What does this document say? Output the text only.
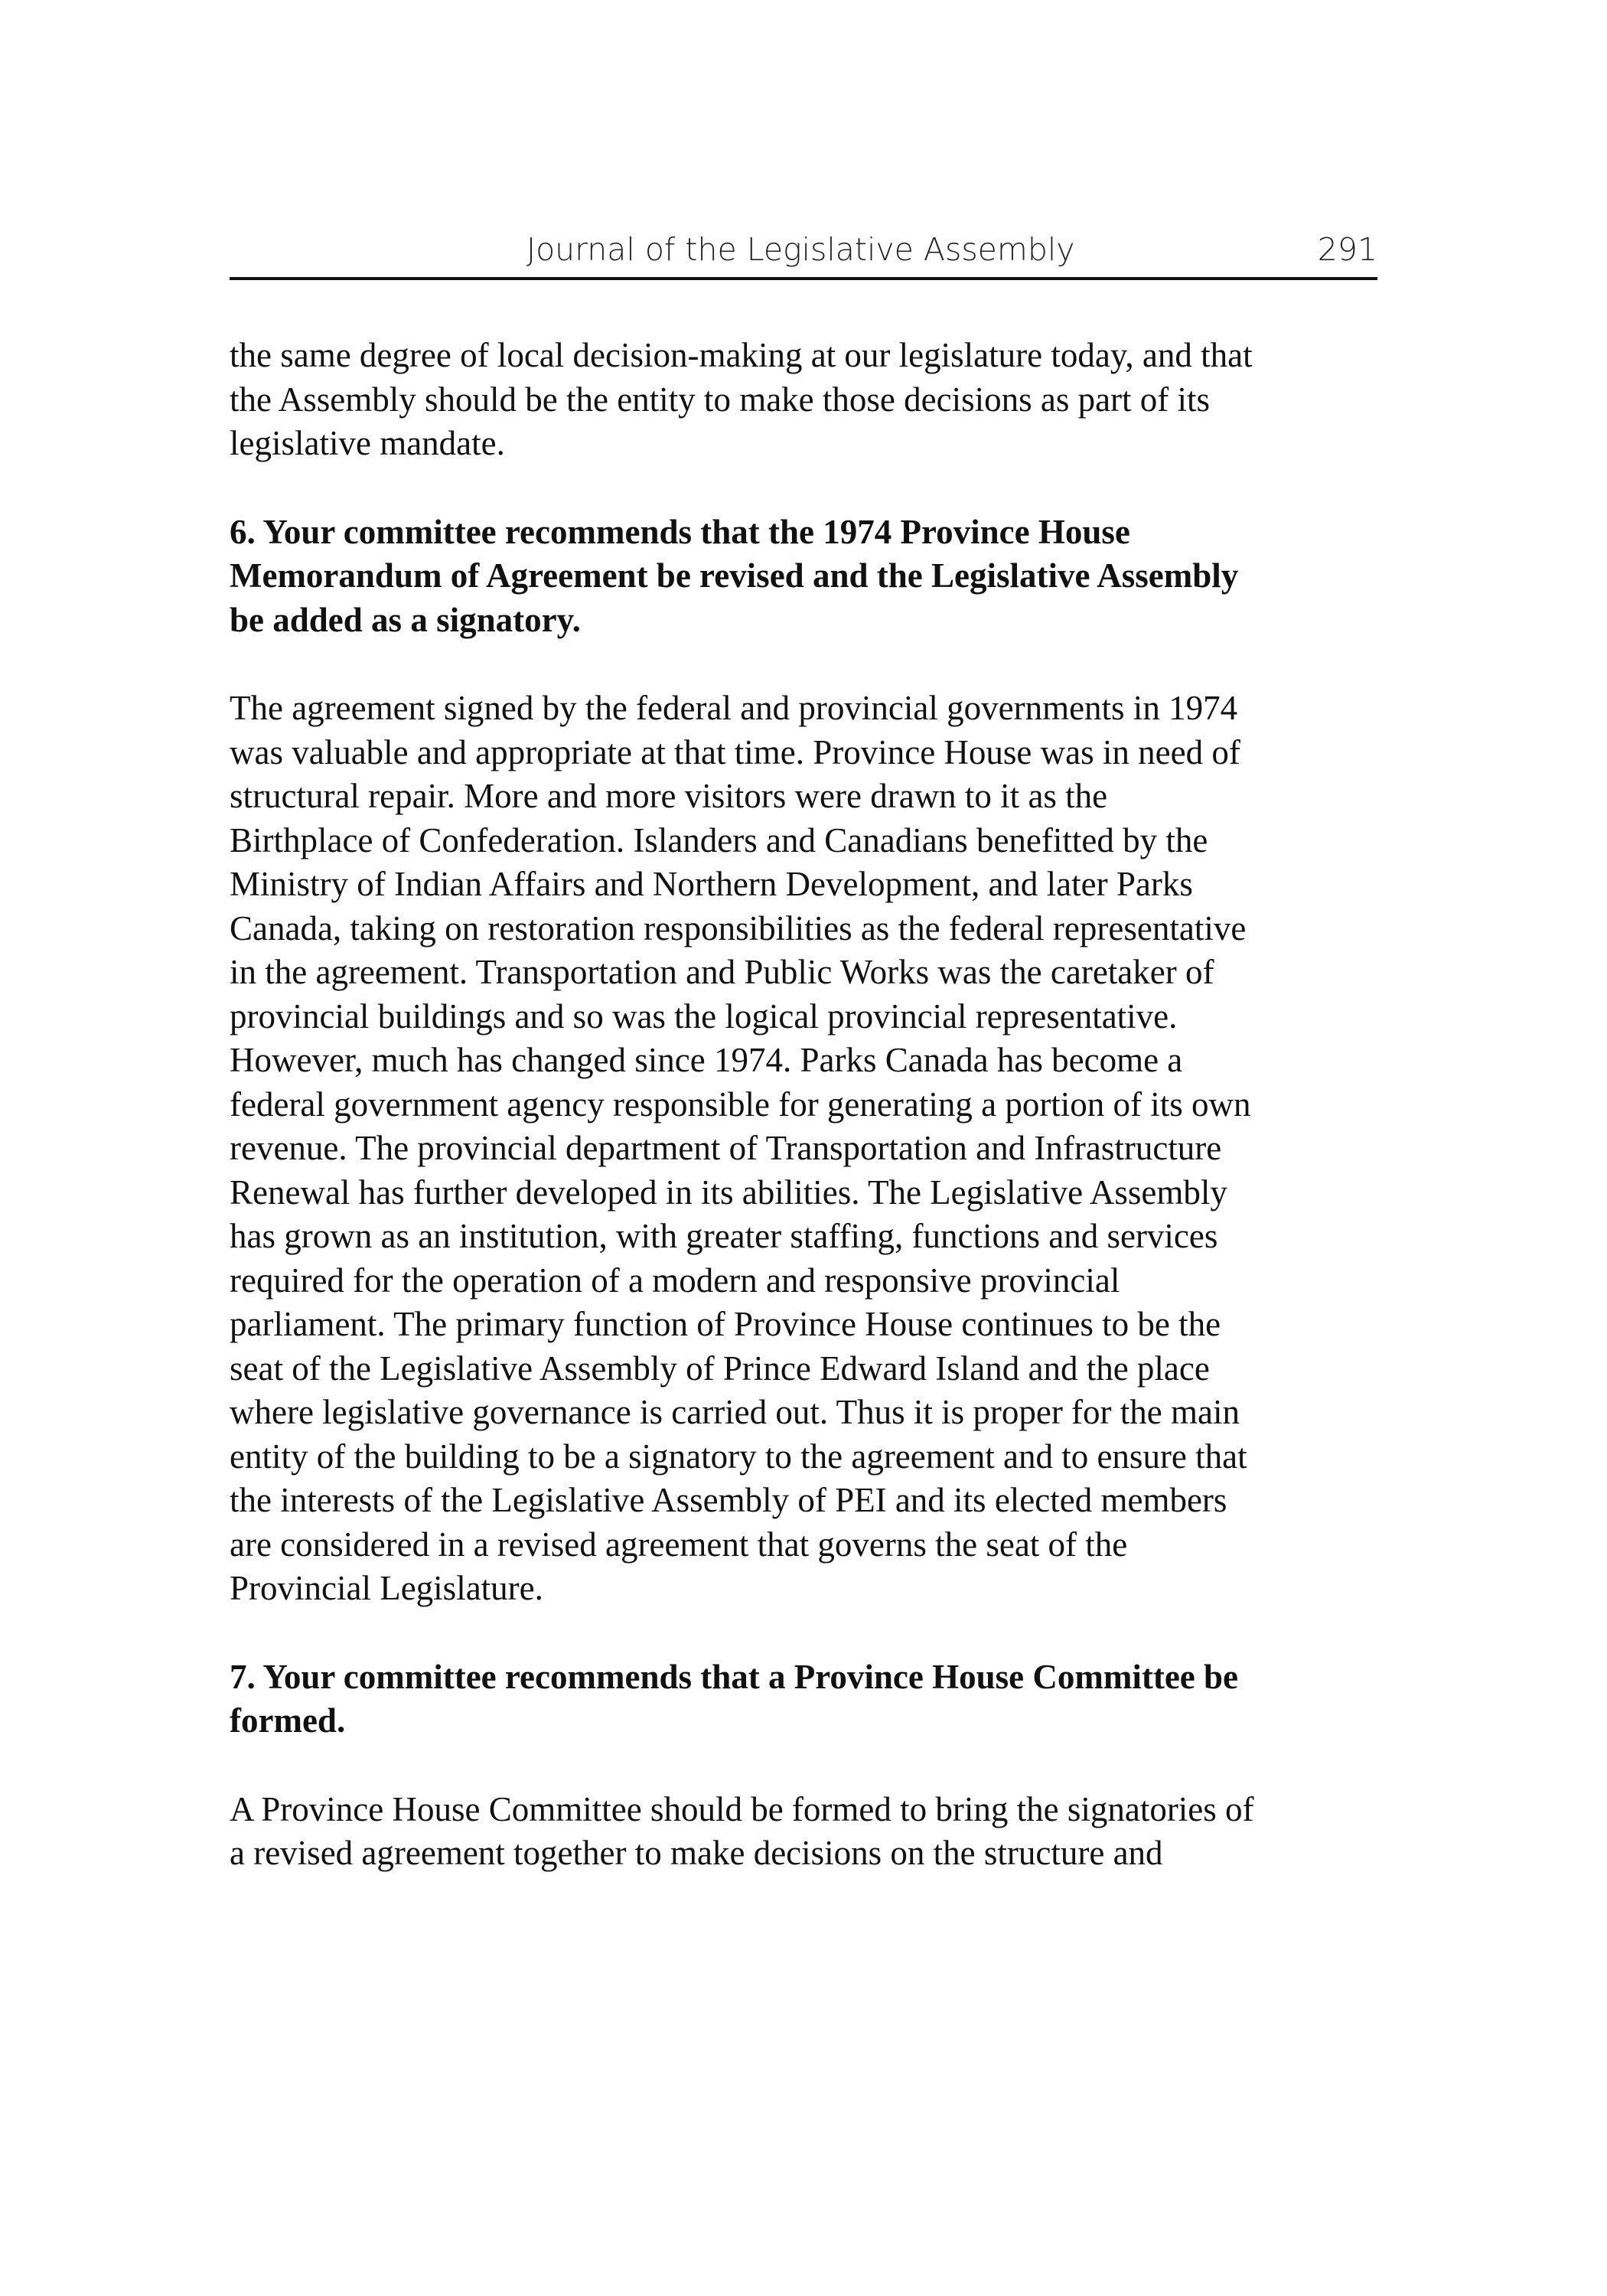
Journal of the Legislative Assembly	291

the same degree of local decision-making at our legislature today, and that
the Assembly should be the entity to make those decisions as part of its
legislative mandate.

6. Your committee recommends that the 1974 Province House
Memorandum of Agreement be revised and the Legislative Assembly
be added as a signatory.

The agreement signed by the federal and provincial governments in 1974
was valuable and appropriate at that time. Province House was in need of
structural repair. More and more visitors were drawn to it as the
Birthplace of Confederation. Islanders and Canadians benefitted by the
Ministry of Indian Affairs and Northern Development, and later Parks
Canada, taking on restoration responsibilities as the federal representative
in the agreement. Transportation and Public Works was the caretaker of
provincial buildings and so was the logical provincial representative.
However, much has changed since 1974. Parks Canada has become a
federal government agency responsible for generating a portion of its own
revenue. The provincial department of Transportation and Infrastructure
Renewal has further developed in its abilities. The Legislative Assembly
has grown as an institution, with greater staffing, functions and services
required for the operation of a modern and responsive provincial
parliament. The primary function of Province House continues to be the
seat of the Legislative Assembly of Prince Edward Island and the place
where legislative governance is carried out. Thus it is proper for the main
entity of the building to be a signatory to the agreement and to ensure that
the interests of the Legislative Assembly of PEI and its elected members
are considered in a revised agreement that governs the seat of the
Provincial Legislature.

7. Your committee recommends that a Province House Committee be
formed.

A Province House Committee should be formed to bring the signatories of
a revised agreement together to make decisions on the structure and
